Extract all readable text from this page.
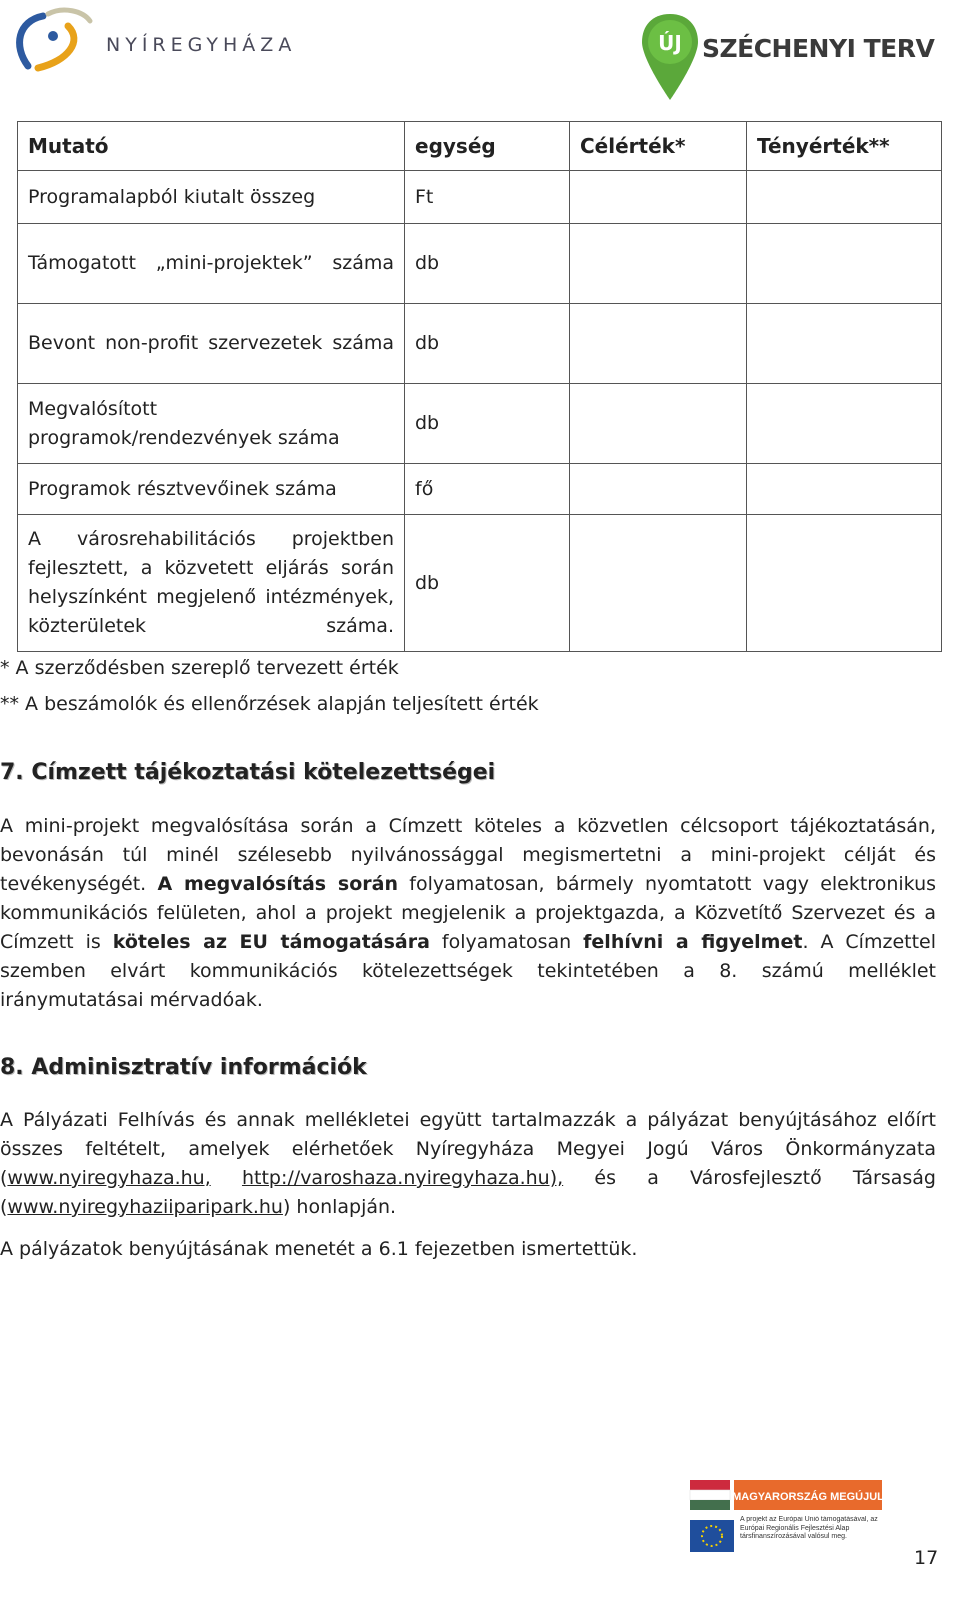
NYÍREGYHÁZA	ÚJ SZÉCHENYI TERV
Mutató	egység	Célérték*	Tényérték**
Programalapból kiutalt összeg	Ft		
Támogatott „mini-projektek” száma	db		
Bevont non-profit szervezetek száma	db		
Megvalósított programok/rendezvények száma	db		
Programok résztvevőinek száma	fő		
A városrehabilitációs projektben fejlesztett, a közvetett eljárás során helyszínként megjelenő intézmények, közterületek száma.	db		
* A szerződésben szereplő tervezett érték
** A beszámolók és ellenőrzések alapján teljesített érték
7. Címzett tájékoztatási kötelezettségei
A mini-projekt megvalósítása során a Címzett köteles a közvetlen célcsoport tájékoztatásán, bevonásán túl minél szélesebb nyilvánossággal megismertetni a mini-projekt célját és tevékenységét. A megvalósítás során folyamatosan, bármely nyomtatott vagy elektronikus kommunikációs felületen, ahol a projekt megjelenik a projektgazda, a Közvetítő Szervezet és a Címzett is köteles az EU támogatására folyamatosan felhívni a figyelmet. A Címzettel szemben elvárt kommunikációs kötelezettségek tekintetében a 8. számú melléklet iránymutatásai mérvadóak.
8. Adminisztratív információk
A Pályázati Felhívás és annak mellékletei együtt tartalmazzák a pályázat benyújtásához előírt összes feltételt, amelyek elérhetőek Nyíregyháza Megyei Jogú Város Önkormányzata (www.nyiregyhaza.hu, http://varoshaza.nyiregyhaza.hu), és a Városfejlesztő Társaság (www.nyiregyhaziiparipark.hu) honlapján.
A pályázatok benyújtásának menetét a 6.1 fejezetben ismertettük.
MAGYARORSZÁG MEGÚJUL
A projekt az Európai Unió támogatásával, az Európai Regionális Fejlesztési Alap társfinanszírozásával valósul meg.
17
